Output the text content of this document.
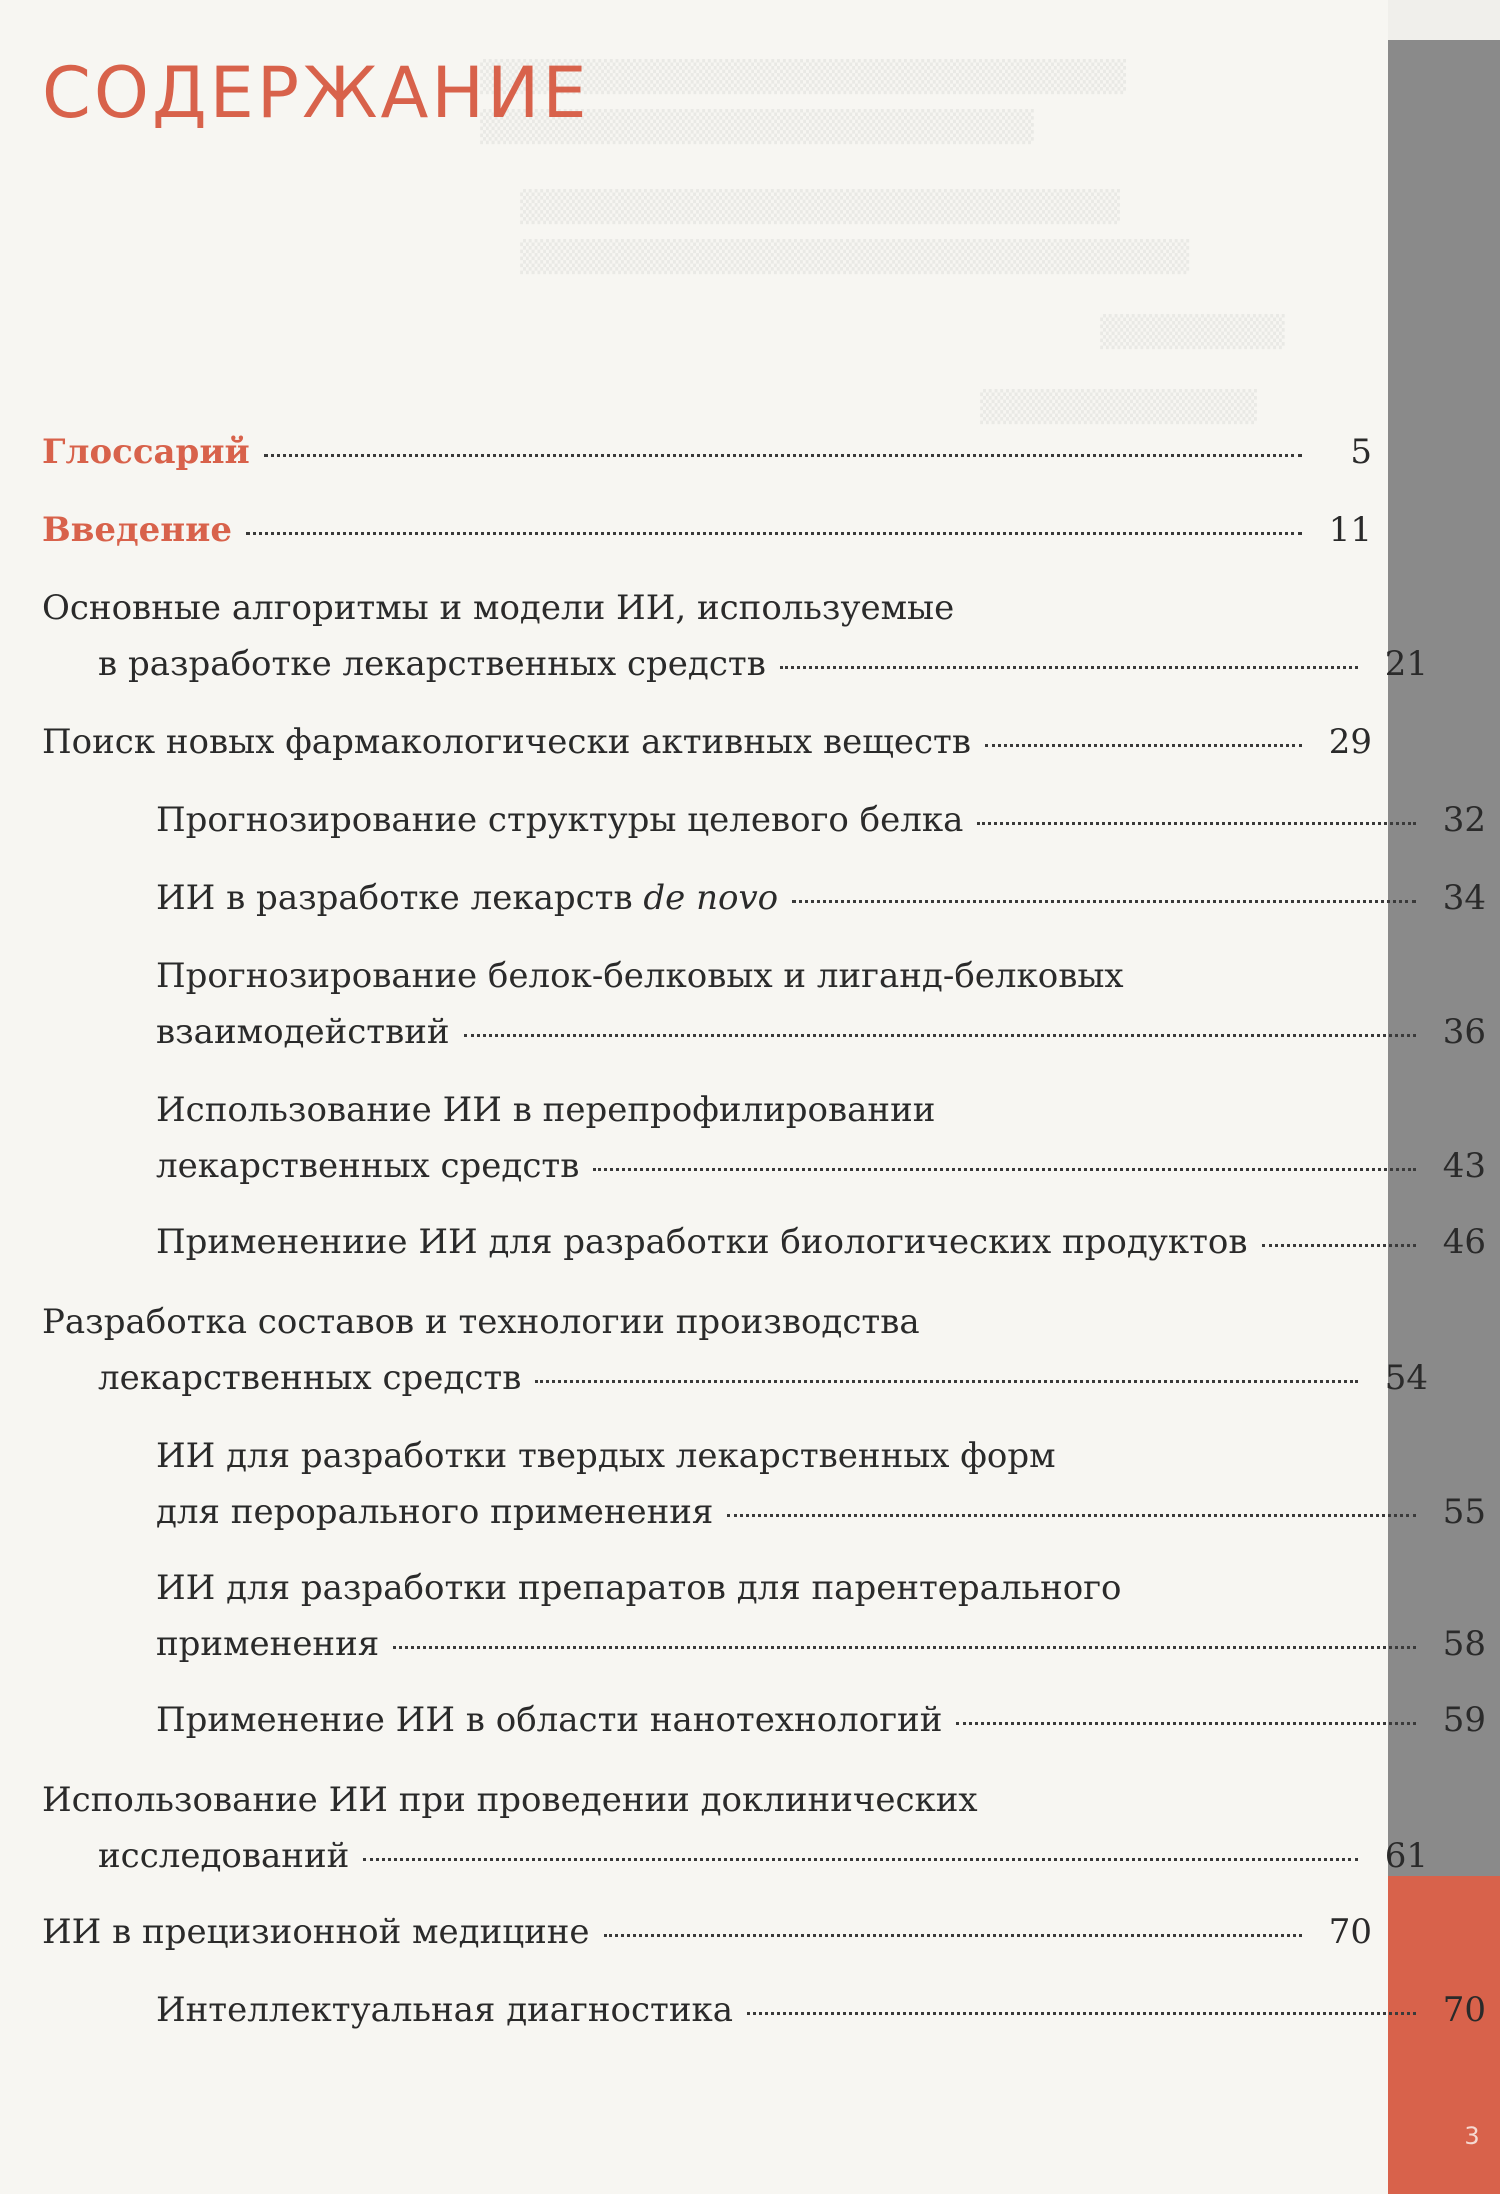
▒▒▒▒▒▒▒▒▒▒▒▒▒▒▒▒▒▒▒▒▒▒▒▒▒▒▒▒
▒▒▒▒▒▒▒▒▒▒▒▒▒▒▒▒▒▒▒▒▒▒▒▒
▒▒▒▒▒▒▒▒▒▒▒▒▒▒▒▒▒▒▒▒▒▒▒▒▒▒
▒▒▒▒▒▒▒▒▒▒▒▒▒▒▒▒▒▒▒▒▒▒▒▒▒▒▒▒▒
▒▒▒▒▒▒▒▒
▒▒▒▒▒▒▒▒▒▒▒▒
3
СОДЕРЖАНИЕ
Глоссарий	5
Введение	11
Основные алгоритмы и модели ИИ, используемые
в разработке лекарственных средств	21
Поиск новых фармакологически активных веществ	29
Прогнозирование структуры целевого белка	32
ИИ в разработке лекарств de novo	34
Прогнозирование белок-белковых и лиганд-белковых
взаимодействий	36
Использование ИИ в перепрофилировании
лекарственных средств	43
Применениие ИИ для разработки биологических продуктов	46
Разработка составов и технологии производства
лекарственных средств	54
ИИ для разработки твердых лекарственных форм
для перорального применения	55
ИИ для разработки препаратов для парентерального
применения	58
Применение ИИ в области нанотехнологий	59
Использование ИИ при проведении доклинических
исследований	61
ИИ в прецизионной медицине	70
Интеллектуальная диагностика	70
